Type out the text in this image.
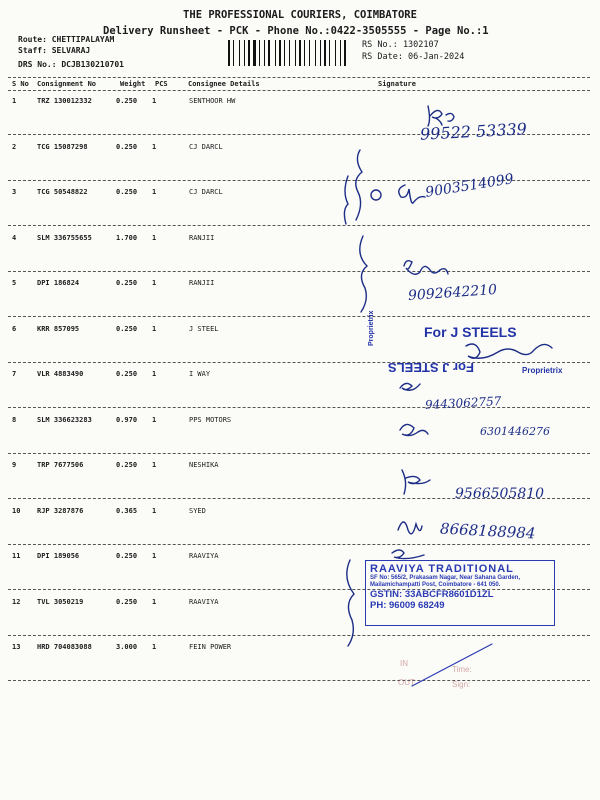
THE PROFESSIONAL COURIERS, COIMBATORE
Delivery Runsheet - PCK - Phone No.:0422-3505555 - Page No.:1
Route: CHETTIPALAYAM
Staff: SELVARAJ
DRS No.: DCJB130210701
RS No.: 1302107
RS Date: 06-Jan-2024
S No Consignment No	Weight PCS	Consignee Details	Signature
1	TRZ 130012332	0.250 1	SENTHOOR HW
2	TCG 15087298	0.250 1	CJ DARCL
3	TCG 50548822	0.250 1	CJ DARCL
4	SLM 336755655	1.700 1	RANJII
5	DPI 186824	0.250 1	RANJII
6	KRR 857095	0.250 1	J STEEL
7	VLR 4883490	0.250 1	I WAY
8	SLM 336623283	0.970 1	PPS MOTORS
9	TRP 7677506	0.250 1	NESHIKA
10 RJP 3287876	0.365 1	SYED
11 DPI 189056	0.250 1	RAAVIYA
12 TVL 3050219	0.250 1	RAAVIYA
13 HRD 704083088	3.000 1	FEIN POWER
99522 53339
9003514099
9092642210
9443062757
6301446276
9566505810
8668188984
For J STEELS
Proprietrix
For J STEELS	Proprietrix
RAAVIYA TRADITIONAL
SF No: 565/2, Prakasam Nagar, Near Sahana Garden,
Mailamichampatti Post, Coimbatore - 641 050.
GSTIN: 33ABCFR8601D1ZL
PH: 96009 68249
IN
OUT
Time:
Sign:
